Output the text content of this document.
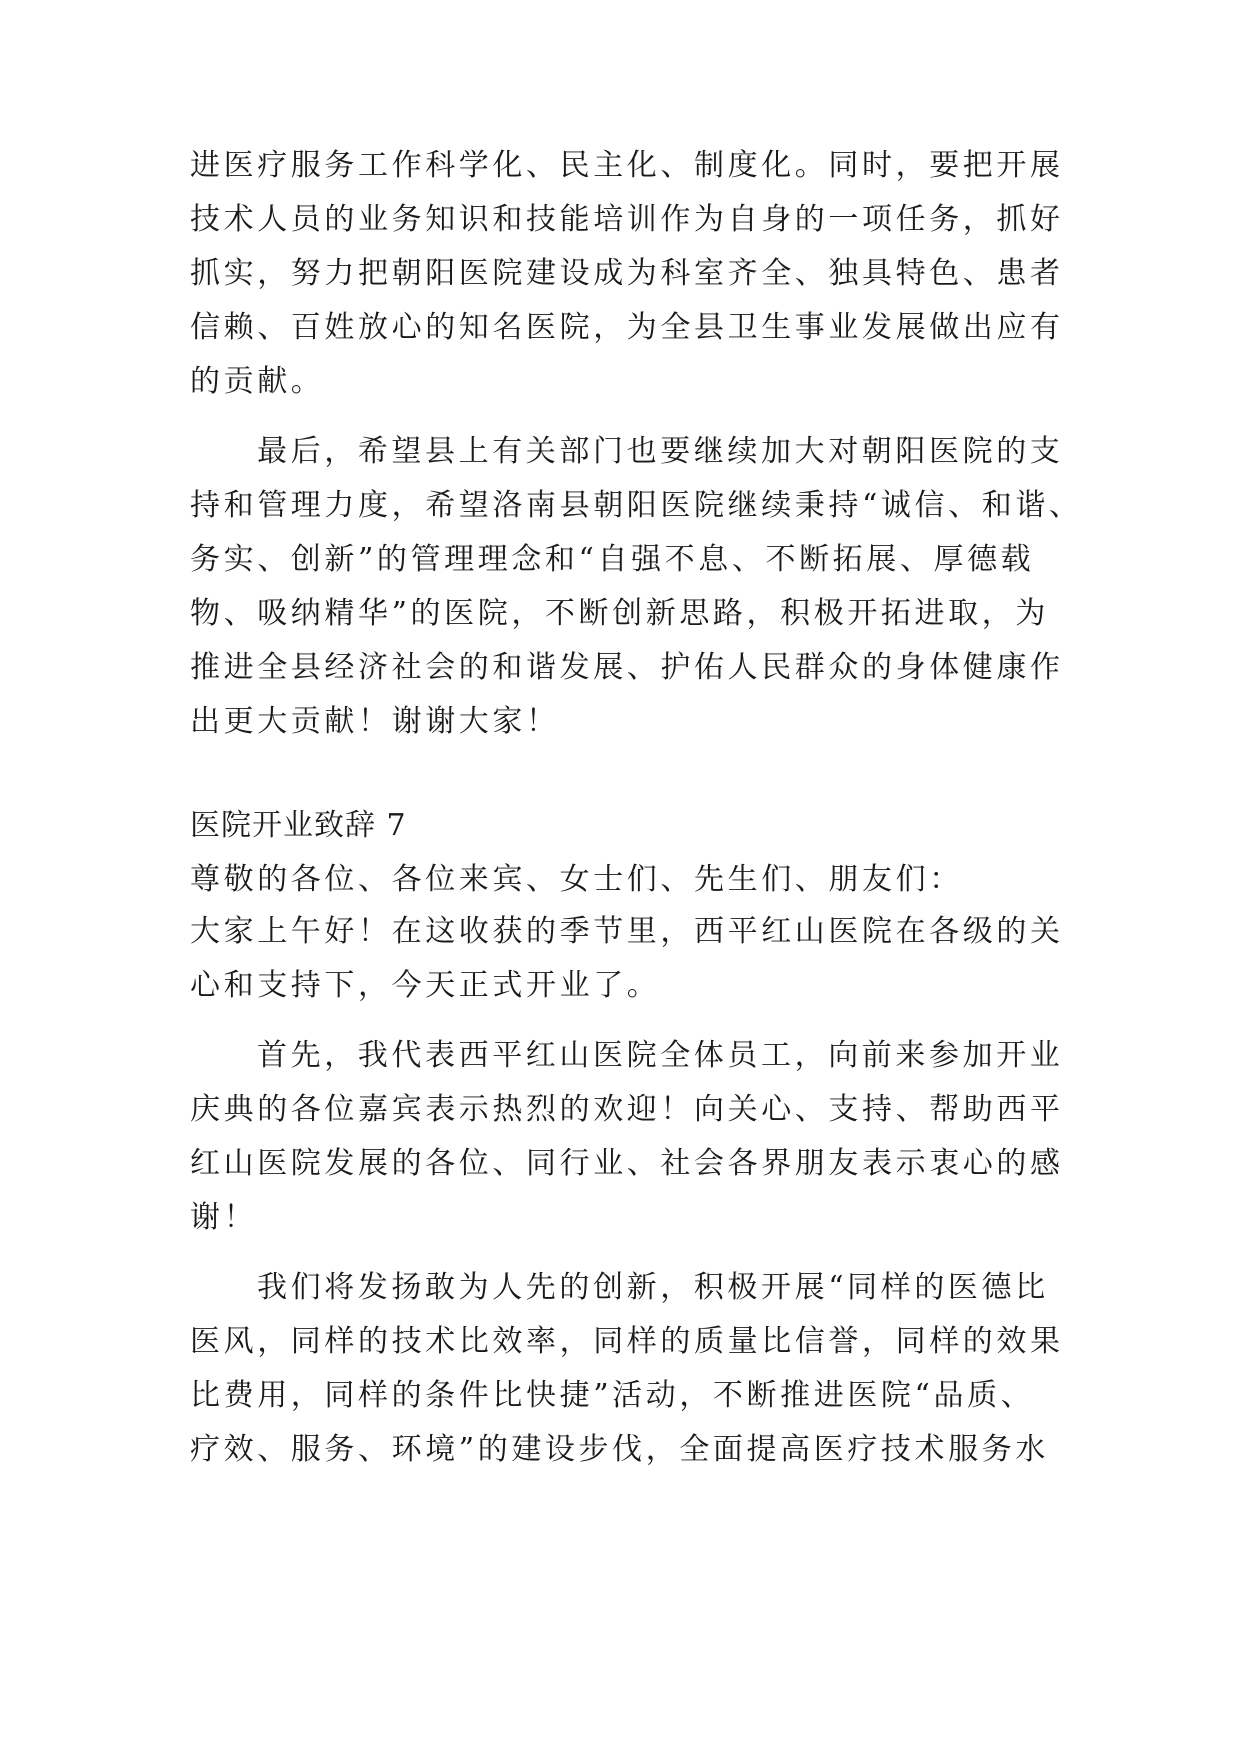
进医疗服务工作科学化、民主化、制度化。同时，要把开展
技术人员的业务知识和技能培训作为自身的一项任务，抓好
抓实，努力把朝阳医院建设成为科室齐全、独具特色、患者
信赖、百姓放心的知名医院，为全县卫生事业发展做出应有
的贡献。
最后，希望县上有关部门也要继续加大对朝阳医院的支
持和管理力度，希望洛南县朝阳医院继续秉持“诚信、和谐、
务实、创新”的管理理念和“自强不息、不断拓展、厚德载
物、吸纳精华”的医院，不断创新思路，积极开拓进取，为
推进全县经济社会的和谐发展、护佑人民群众的身体健康作
出更大贡献！谢谢大家！
医院开业致辞 7
尊敬的各位、各位来宾、女士们、先生们、朋友们：
大家上午好！在这收获的季节里，西平红山医院在各级的关
心和支持下，今天正式开业了。
首先，我代表西平红山医院全体员工，向前来参加开业
庆典的各位嘉宾表示热烈的欢迎！向关心、支持、帮助西平
红山医院发展的各位、同行业、社会各界朋友表示衷心的感
谢！
我们将发扬敢为人先的创新，积极开展“同样的医德比
医风，同样的技术比效率，同样的质量比信誉，同样的效果
比费用，同样的条件比快捷”活动，不断推进医院“品质、
疗效、服务、环境”的建设步伐，全面提高医疗技术服务水
